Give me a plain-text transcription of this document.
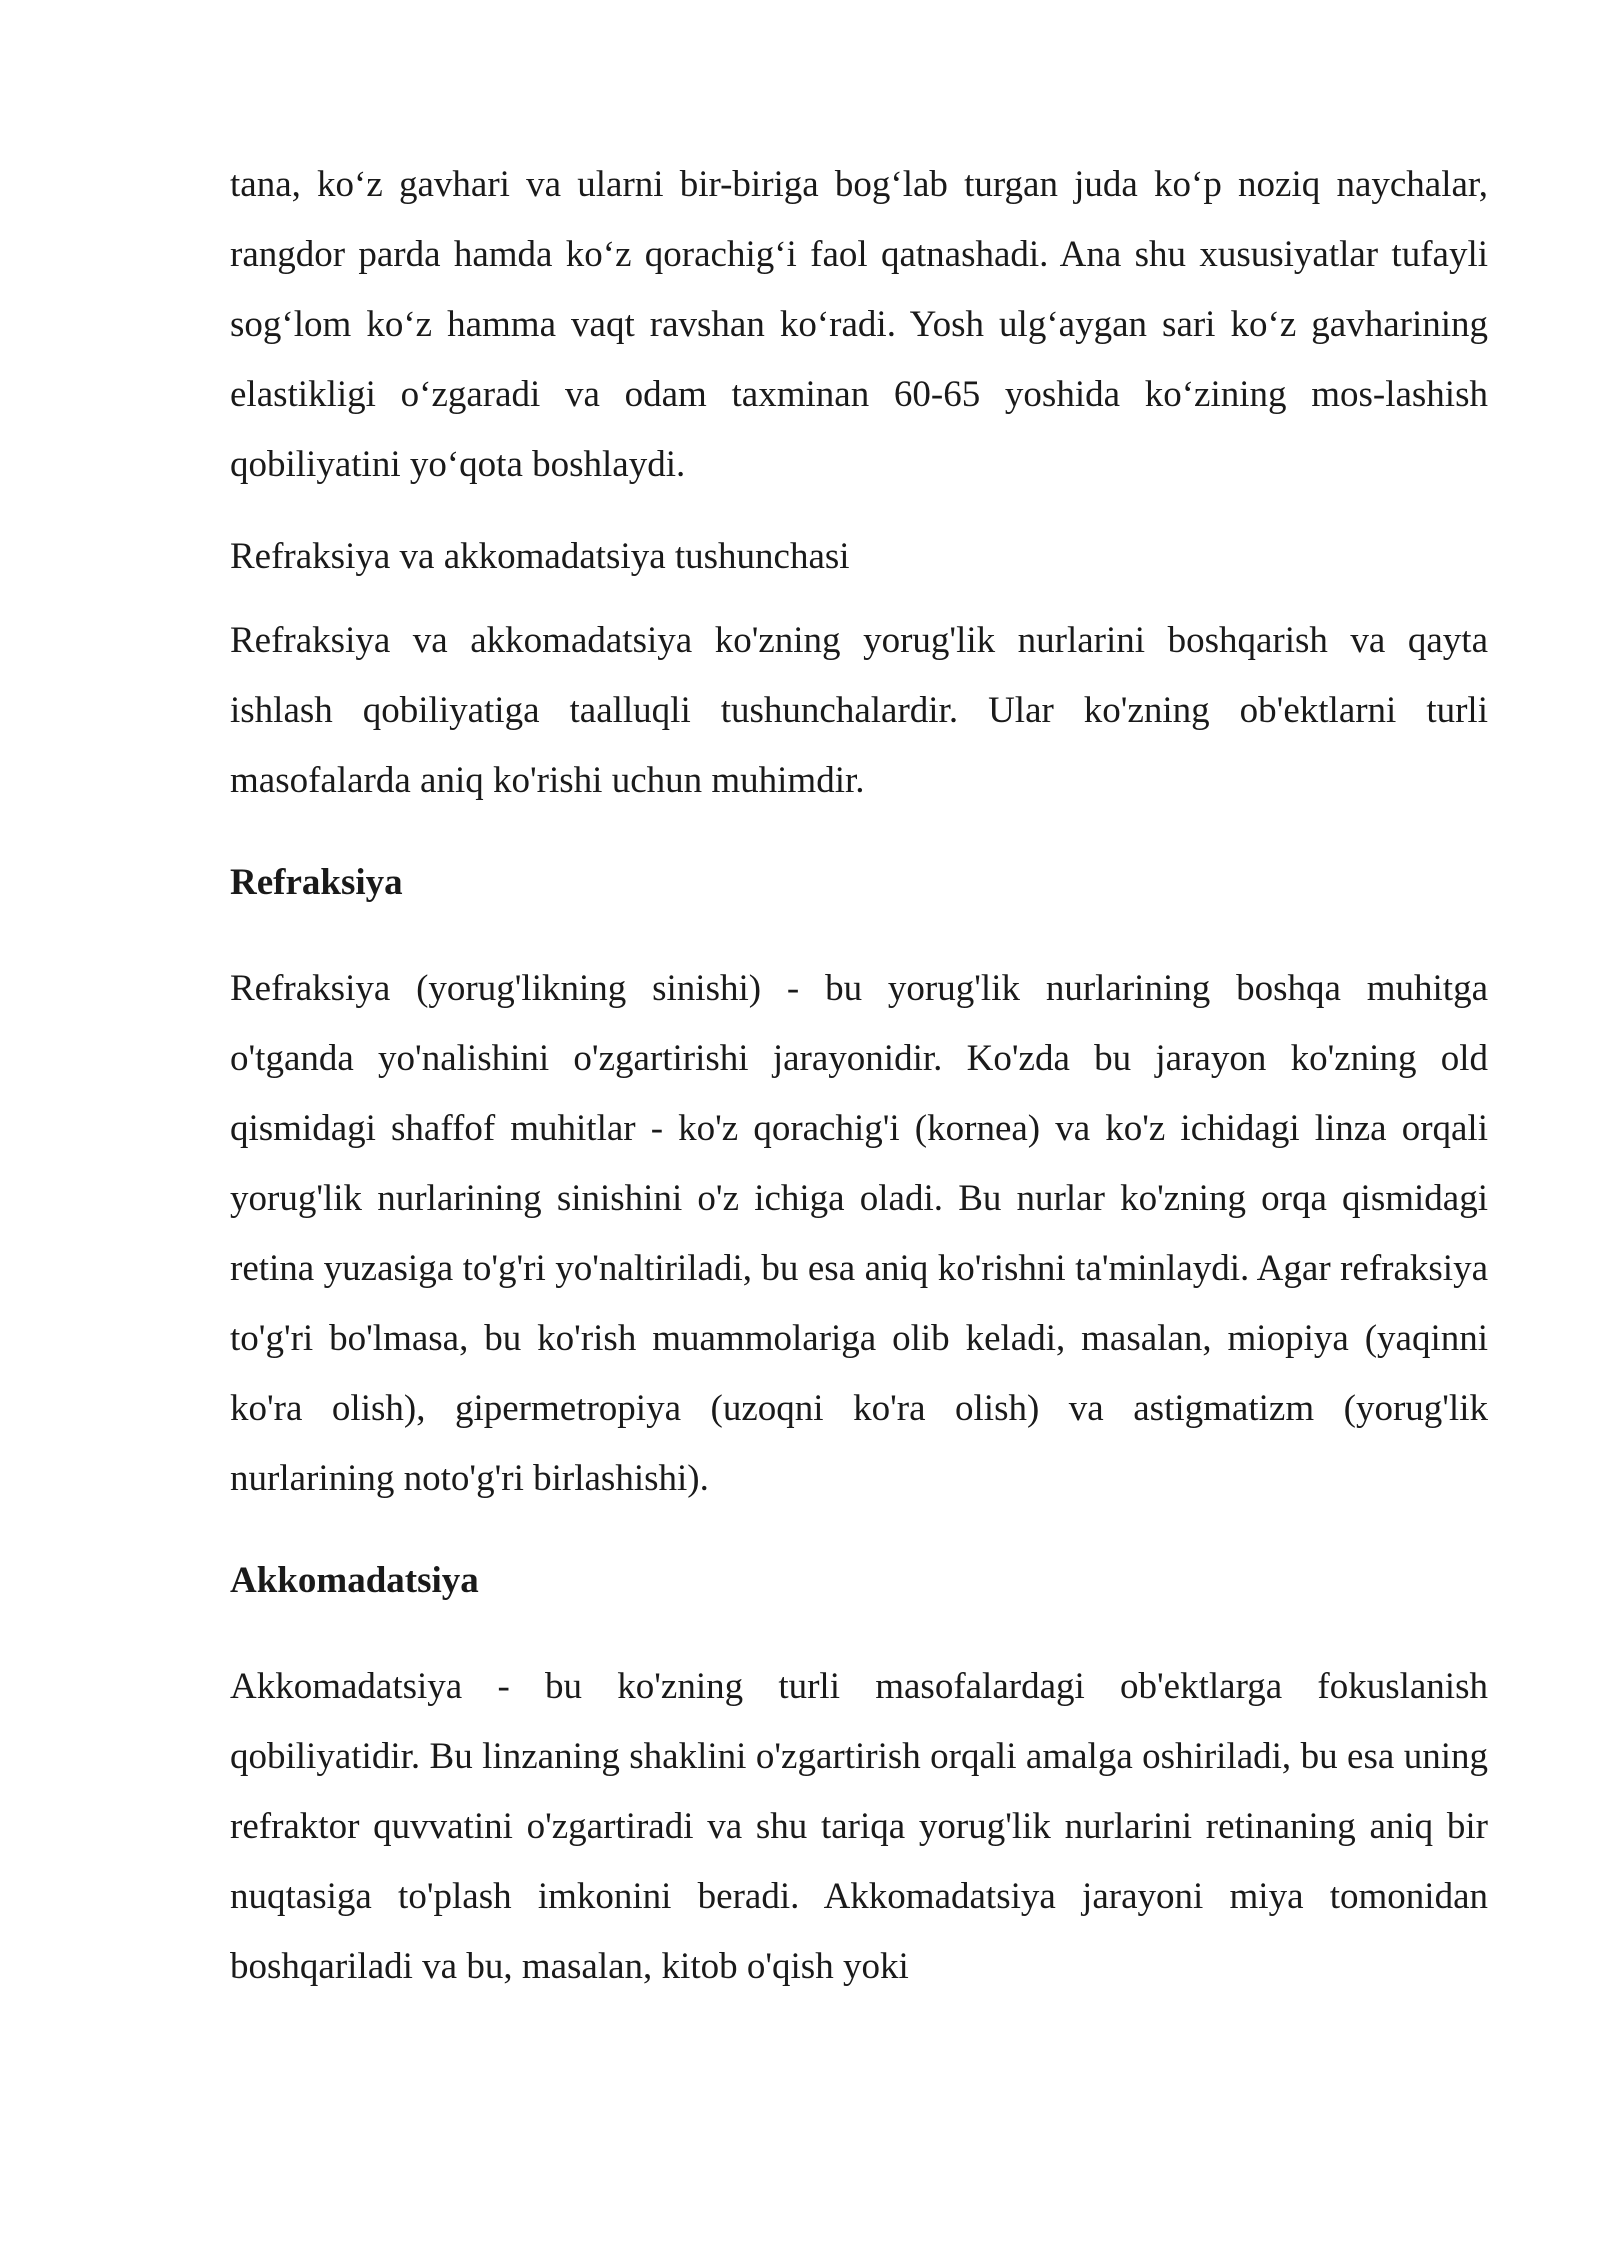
tana, ko‘z gavhari va ularni bir-biriga bog‘lab turgan juda ko‘p noziq naychalar, rangdor parda hamda ko‘z qorachig‘i faol qatnashadi. Ana shu xususiyatlar tufayli sog‘lom ko‘z hamma vaqt ravshan ko‘radi. Yosh ulg‘aygan sari ko‘z gavharining elastikligi o‘zgaradi va odam taxminan 60-65 yoshida ko‘zining mos-lashish qobiliyatini yo‘qota boshlaydi.

Refraksiya va akkomadatsiya tushunchasi

Refraksiya va akkomadatsiya ko'zning yorug'lik nurlarini boshqarish va qayta ishlash qobiliyatiga taalluqli tushunchalardir. Ular ko'zning ob'ektlarni turli masofalarda aniq ko'rishi uchun muhimdir.

Refraksiya

Refraksiya (yorug'likning sinishi) - bu yorug'lik nurlarining boshqa muhitga o'tganda yo'nalishini o'zgartirishi jarayonidir. Ko'zda bu jarayon ko'zning old qismidagi shaffof muhitlar - ko'z qorachig'i (kornea) va ko'z ichidagi linza orqali yorug'lik nurlarining sinishini o'z ichiga oladi. Bu nurlar ko'zning orqa qismidagi retina yuzasiga to'g'ri yo'naltiriladi, bu esa aniq ko'rishni ta'minlaydi. Agar refraksiya to'g'ri bo'lmasa, bu ko'rish muammolariga olib keladi, masalan, miopiya (yaqinni ko'ra olish), gipermetropiya (uzoqni ko'ra olish) va astigmatizm (yorug'lik nurlarining noto'g'ri birlashishi).

Akkomadatsiya

Akkomadatsiya - bu ko'zning turli masofalardagi ob'ektlarga fokuslanish qobiliyatidir. Bu linzaning shaklini o'zgartirish orqali amalga oshiriladi, bu esa uning refraktor quvvatini o'zgartiradi va shu tariqa yorug'lik nurlarini retinaning aniq bir nuqtasiga to'plash imkonini beradi. Akkomadatsiya jarayoni miya tomonidan boshqariladi va bu, masalan, kitob o'qish yoki
